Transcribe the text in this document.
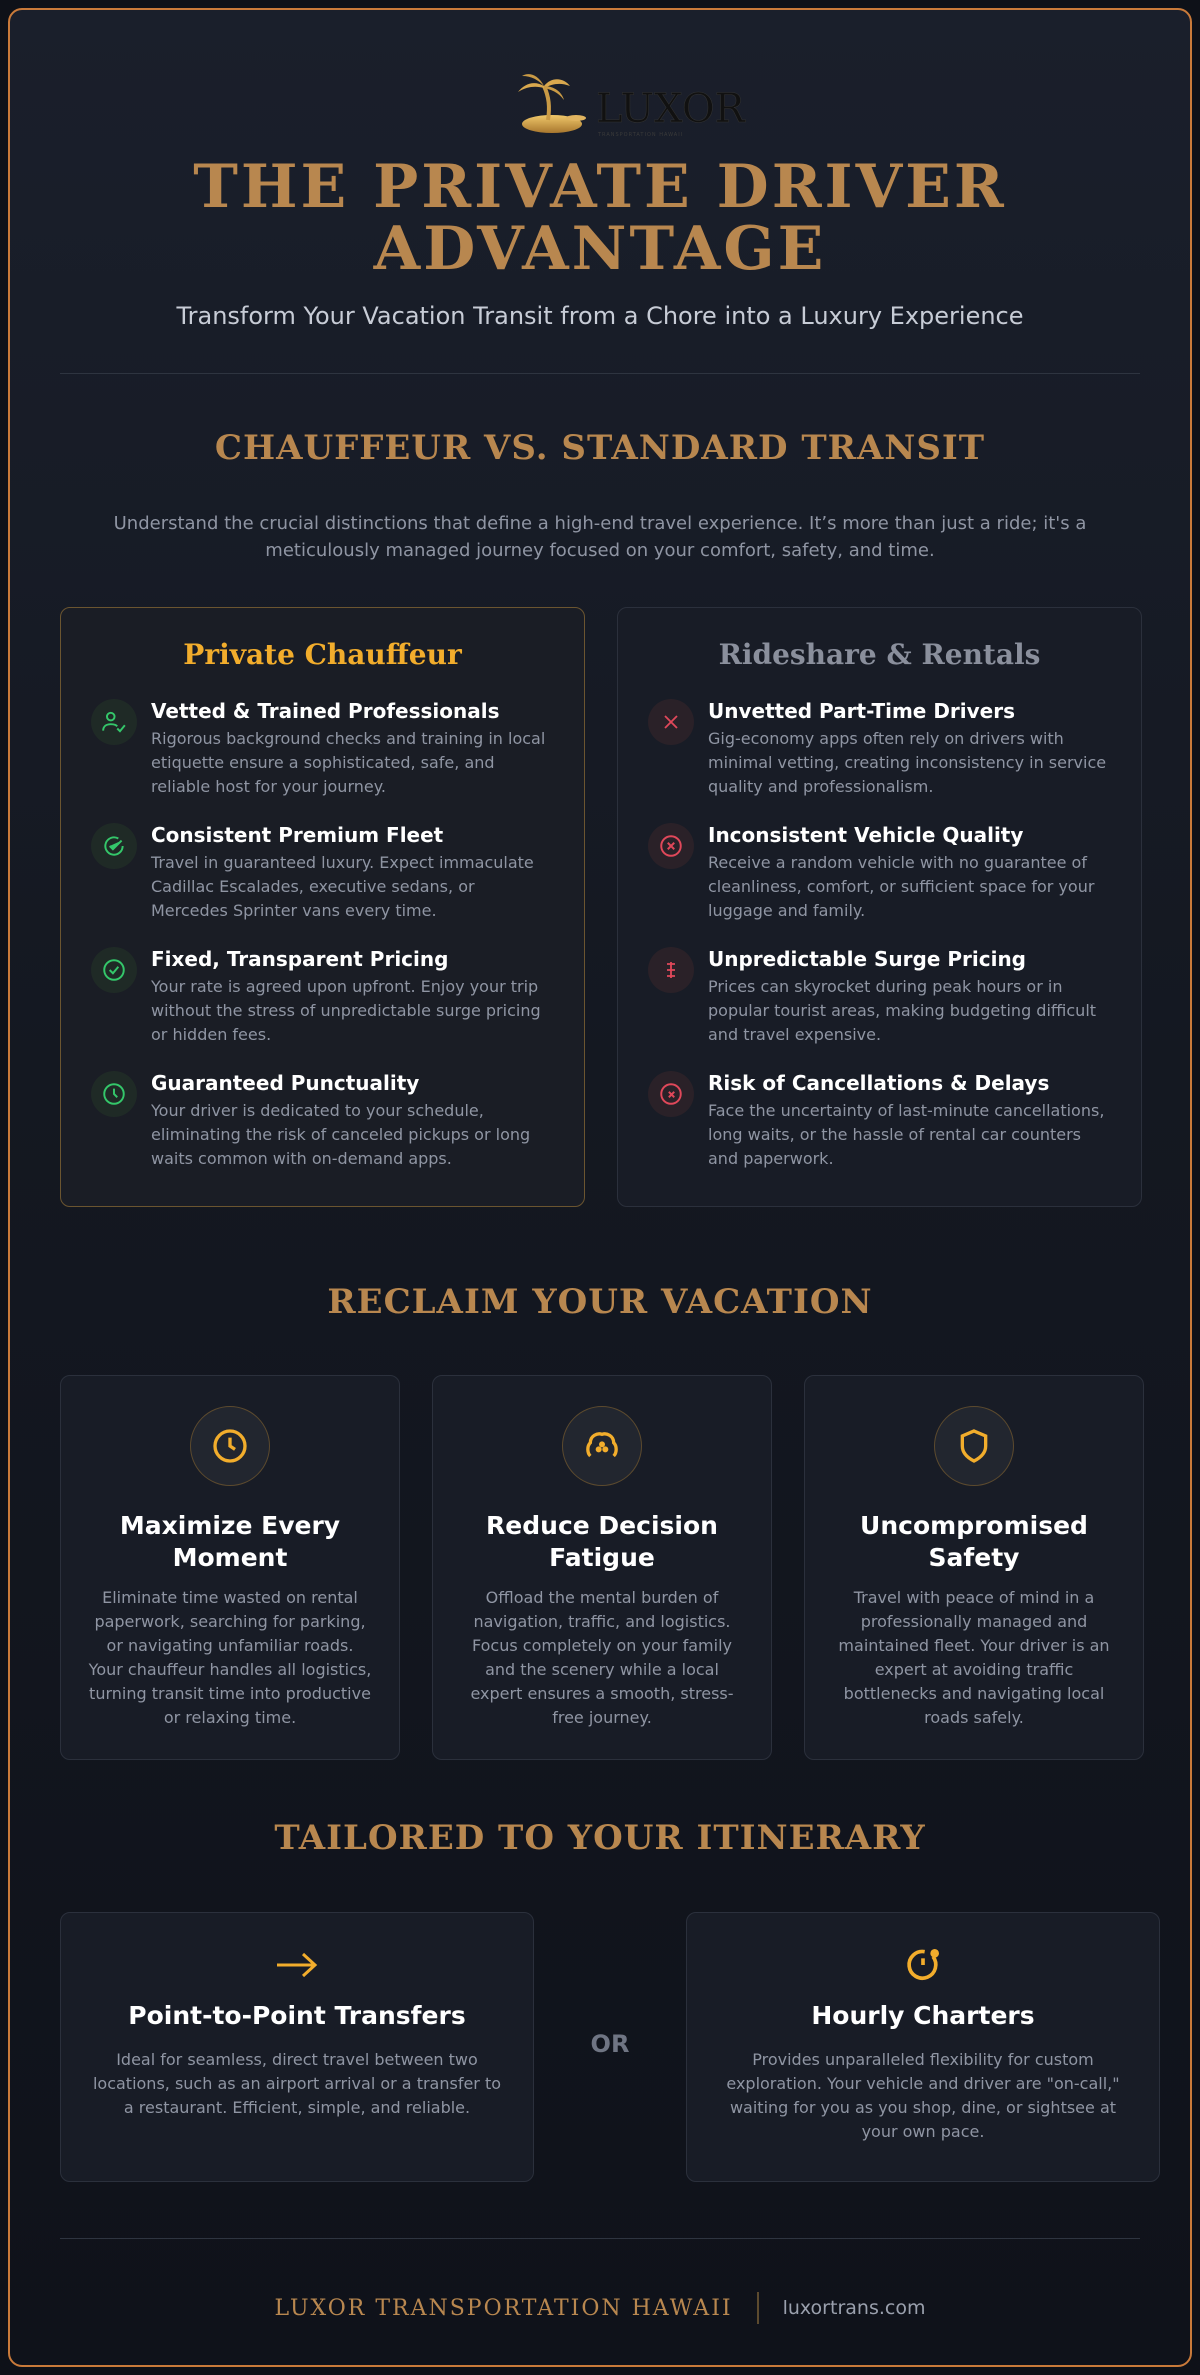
LUXOR
TRANSPORTATION HAWAII
THE PRIVATE DRIVER
ADVANTAGE
Transform Your Vacation Transit from a Chore into a Luxury Experience
CHAUFFEUR VS. STANDARD TRANSIT
Understand the crucial distinctions that define a high-end travel experience. It’s more than just a ride; it's a meticulously managed journey focused on your comfort, safety, and time.
Private Chauffeur
Vetted & Trained Professionals

Rigorous background checks and training in local etiquette ensure a sophisticated, safe, and reliable host for your journey.

Consistent Premium Fleet

Travel in guaranteed luxury. Expect immaculate Cadillac Escalades, executive sedans, or Mercedes Sprinter vans every time.

Fixed, Transparent Pricing

Your rate is agreed upon upfront. Enjoy your trip without the stress of unpredictable surge pricing or hidden fees.

Guaranteed Punctuality

Your driver is dedicated to your schedule, eliminating the risk of canceled pickups or long waits common with on-demand apps.

Rideshare & Rentals
Unvetted Part-Time Drivers

Gig-economy apps often rely on drivers with minimal vetting, creating inconsistency in service quality and professionalism.

Inconsistent Vehicle Quality

Receive a random vehicle with no guarantee of cleanliness, comfort, or sufficient space for your luggage and family.

Unpredictable Surge Pricing

Prices can skyrocket during peak hours or in popular tourist areas, making budgeting difficult and travel expensive.

Risk of Cancellations & Delays

Face the uncertainty of last-minute cancellations, long waits, or the hassle of rental car counters and paperwork.

RECLAIM YOUR VACATION
Maximize Every Moment

Eliminate time wasted on rental paperwork, searching for parking, or navigating unfamiliar roads. Your chauffeur handles all logistics, turning transit time into productive or relaxing time.

Reduce Decision Fatigue

Offload the mental burden of navigation, traffic, and logistics. Focus completely on your family and the scenery while a local expert ensures a smooth, stress-free journey.

Uncompromised Safety

Travel with peace of mind in a professionally managed and maintained fleet. Your driver is an expert at avoiding traffic bottlenecks and navigating local roads safely.

TAILORED TO YOUR ITINERARY
Point-to-Point Transfers

Ideal for seamless, direct travel between two locations, such as an airport arrival or a transfer to a restaurant. Efficient, simple, and reliable.

OR
Hourly Charters

Provides unparalleled flexibility for custom exploration. Your vehicle and driver are "on-call," waiting for you as you shop, dine, or sightsee at your own pace.

LUXOR TRANSPORTATION HAWAII	luxortrans.com
